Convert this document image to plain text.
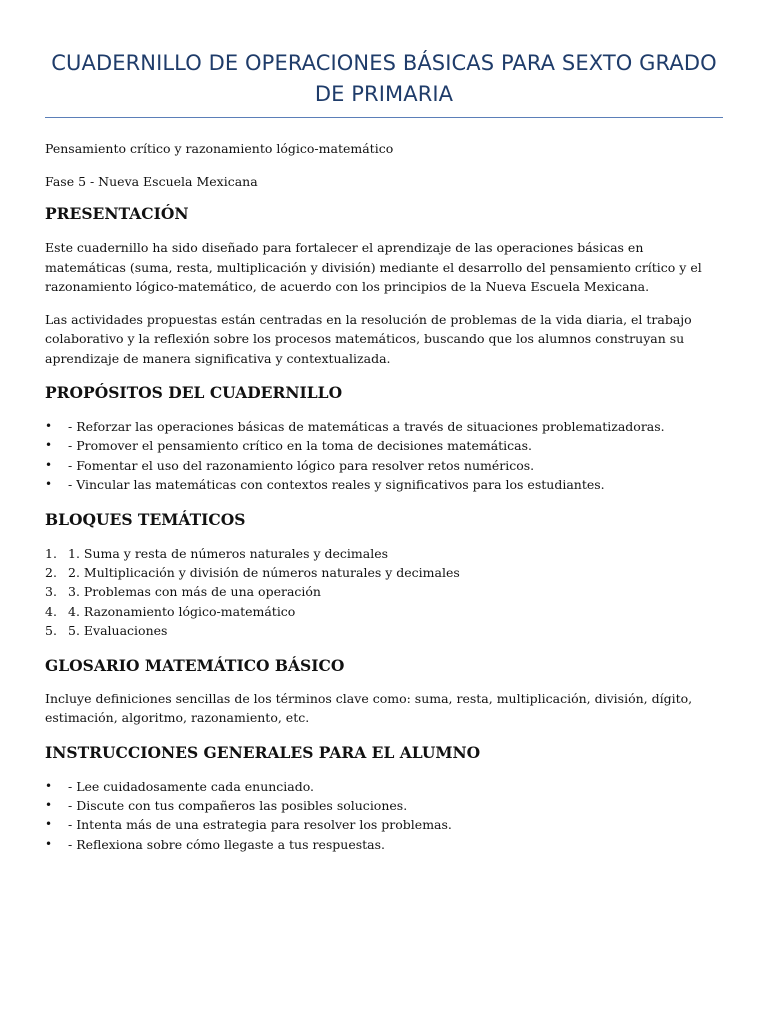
CUADERNILLO DE OPERACIONES BÁSICAS PARA SEXTO GRADO DE PRIMARIA

Pensamiento crítico y razonamiento lógico-matemático

Fase 5 - Nueva Escuela Mexicana

PRESENTACIÓN

Este cuadernillo ha sido diseñado para fortalecer el aprendizaje de las operaciones básicas en matemáticas (suma, resta, multiplicación y división) mediante el desarrollo del pensamiento crítico y el razonamiento lógico-matemático, de acuerdo con los principios de la Nueva Escuela Mexicana.

Las actividades propuestas están centradas en la resolución de problemas de la vida diaria, el trabajo colaborativo y la reflexión sobre los procesos matemáticos, buscando que los alumnos construyan su aprendizaje de manera significativa y contextualizada.

PROPÓSITOS DEL CUADERNILLO
• - Reforzar las operaciones básicas de matemáticas a través de situaciones problematizadoras.
• - Promover el pensamiento crítico en la toma de decisiones matemáticas.
• - Fomentar el uso del razonamiento lógico para resolver retos numéricos.
• - Vincular las matemáticas con contextos reales y significativos para los estudiantes.
BLOQUES TEMÁTICOS
1. 1. Suma y resta de números naturales y decimales
2. 2. Multiplicación y división de números naturales y decimales
3. 3. Problemas con más de una operación
4. 4. Razonamiento lógico-matemático
5. 5. Evaluaciones
GLOSARIO MATEMÁTICO BÁSICO

Incluye definiciones sencillas de los términos clave como: suma, resta, multiplicación, división, dígito, estimación, algoritmo, razonamiento, etc.

INSTRUCCIONES GENERALES PARA EL ALUMNO
• - Lee cuidadosamente cada enunciado.
• - Discute con tus compañeros las posibles soluciones.
• - Intenta más de una estrategia para resolver los problemas.
• - Reflexiona sobre cómo llegaste a tus respuestas.
